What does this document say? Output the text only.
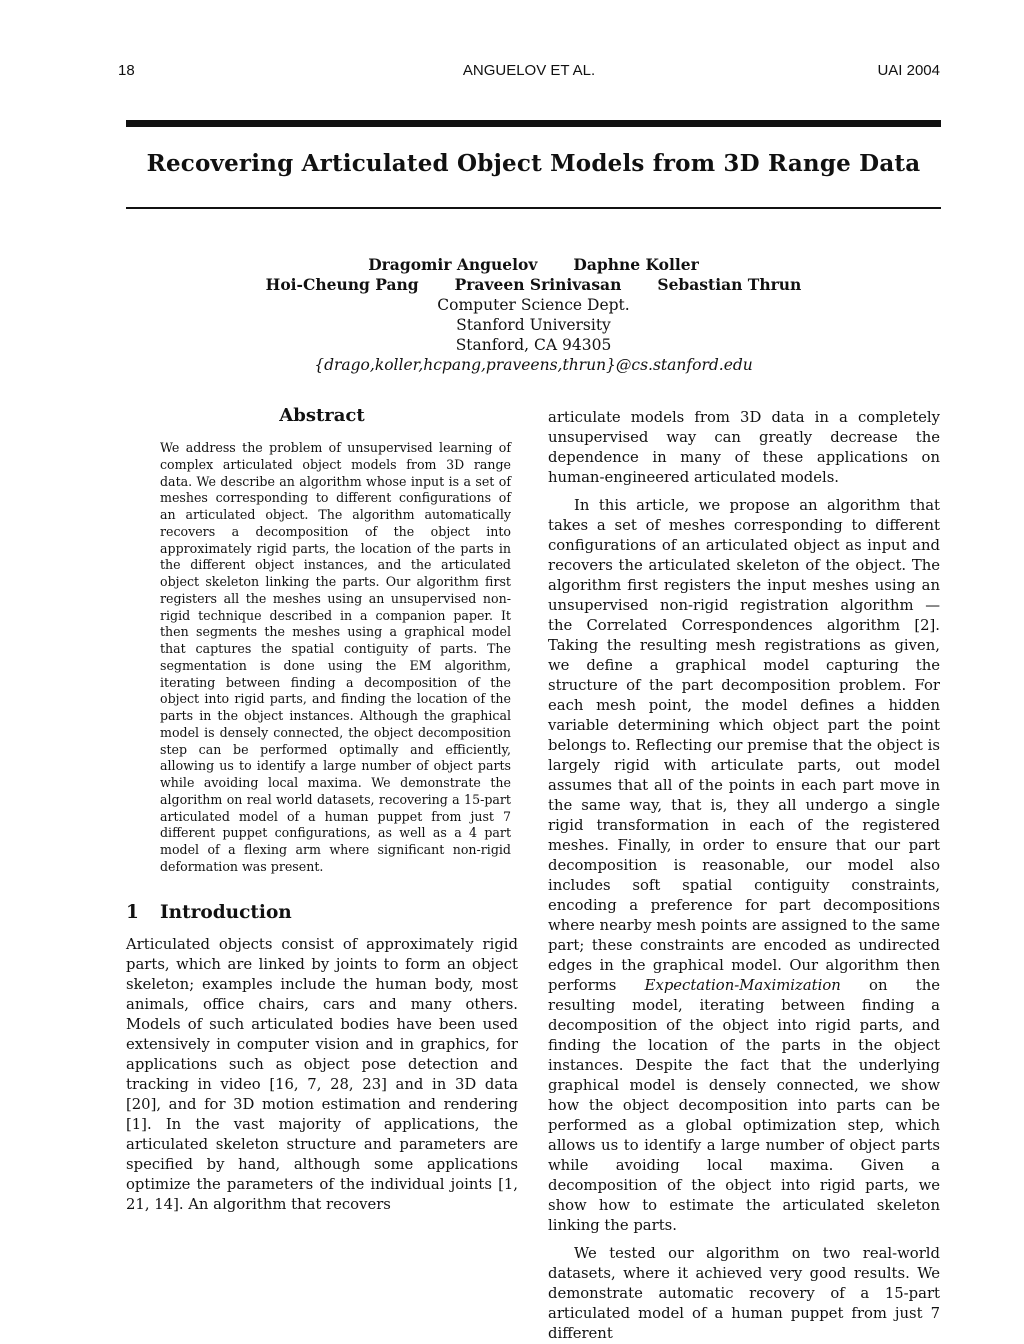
18	ANGUELOV ET AL.	UAI 2004
Recovering Articulated Object Models from 3D Range Data
Dragomir Anguelov Daphne Koller
Hoi-Cheung Pang Praveen Srinivasan Sebastian Thrun
Computer Science Dept.
Stanford University
Stanford, CA 94305
{drago,koller,hcpang,praveens,thrun}@cs.stanford.edu
Abstract

We address the problem of unsupervised learning of complex articulated object models from 3D range data. We describe an algorithm whose input is a set of meshes corresponding to different configurations of an articulated object. The algorithm automatically recovers a decomposition of the object into approximately rigid parts, the location of the parts in the different object instances, and the articulated object skeleton linking the parts. Our algorithm first registers all the meshes using an unsupervised non-rigid technique described in a companion paper. It then segments the meshes using a graphical model that captures the spatial contiguity of parts. The segmentation is done using the EM algorithm, iterating between finding a decomposition of the object into rigid parts, and finding the location of the parts in the object instances. Although the graphical model is densely connected, the object decomposition step can be performed optimally and efficiently, allowing us to identify a large number of object parts while avoiding local maxima. We demonstrate the algorithm on real world datasets, recovering a 15-part articulated model of a human puppet from just 7 different puppet configurations, as well as a 4 part model of a flexing arm where significant non-rigid deformation was present.

1 Introduction

Articulated objects consist of approximately rigid parts, which are linked by joints to form an object skeleton; examples include the human body, most animals, office chairs, cars and many others. Models of such articulated bodies have been used extensively in computer vision and in graphics, for applications such as object pose detection and tracking in video [16, 7, 28, 23] and in 3D data [20], and for 3D motion estimation and rendering [1]. In the vast majority of applications, the articulated skeleton structure and parameters are specified by hand, although some applications optimize the parameters of the individual joints [1, 21, 14]. An algorithm that recovers

articulate models from 3D data in a completely unsupervised way can greatly decrease the dependence in many of these applications on human-engineered articulated models.

In this article, we propose an algorithm that takes a set of meshes corresponding to different configurations of an articulated object as input and recovers the articulated skeleton of the object. The algorithm first registers the input meshes using an unsupervised non-rigid registration algorithm — the Correlated Correspondences algorithm [2]. Taking the resulting mesh registrations as given, we define a graphical model capturing the structure of the part decomposition problem. For each mesh point, the model defines a hidden variable determining which object part the point belongs to. Reflecting our premise that the object is largely rigid with articulate parts, out model assumes that all of the points in each part move in the same way, that is, they all undergo a single rigid transformation in each of the registered meshes. Finally, in order to ensure that our part decomposition is reasonable, our model also includes soft spatial contiguity constraints, encoding a preference for part decompositions where nearby mesh points are assigned to the same part; these constraints are encoded as undirected edges in the graphical model. Our algorithm then performs Expectation-Maximization on the resulting model, iterating between finding a decomposition of the object into rigid parts, and finding the location of the parts in the object instances. Despite the fact that the underlying graphical model is densely connected, we show how the object decomposition into parts can be performed as a global optimization step, which allows us to identify a large number of object parts while avoiding local maxima. Given a decomposition of the object into rigid parts, we show how to estimate the articulated skeleton linking the parts.

We tested our algorithm on two real-world datasets, where it achieved very good results. We demonstrate automatic recovery of a 15-part articulated model of a human puppet from just 7 different
